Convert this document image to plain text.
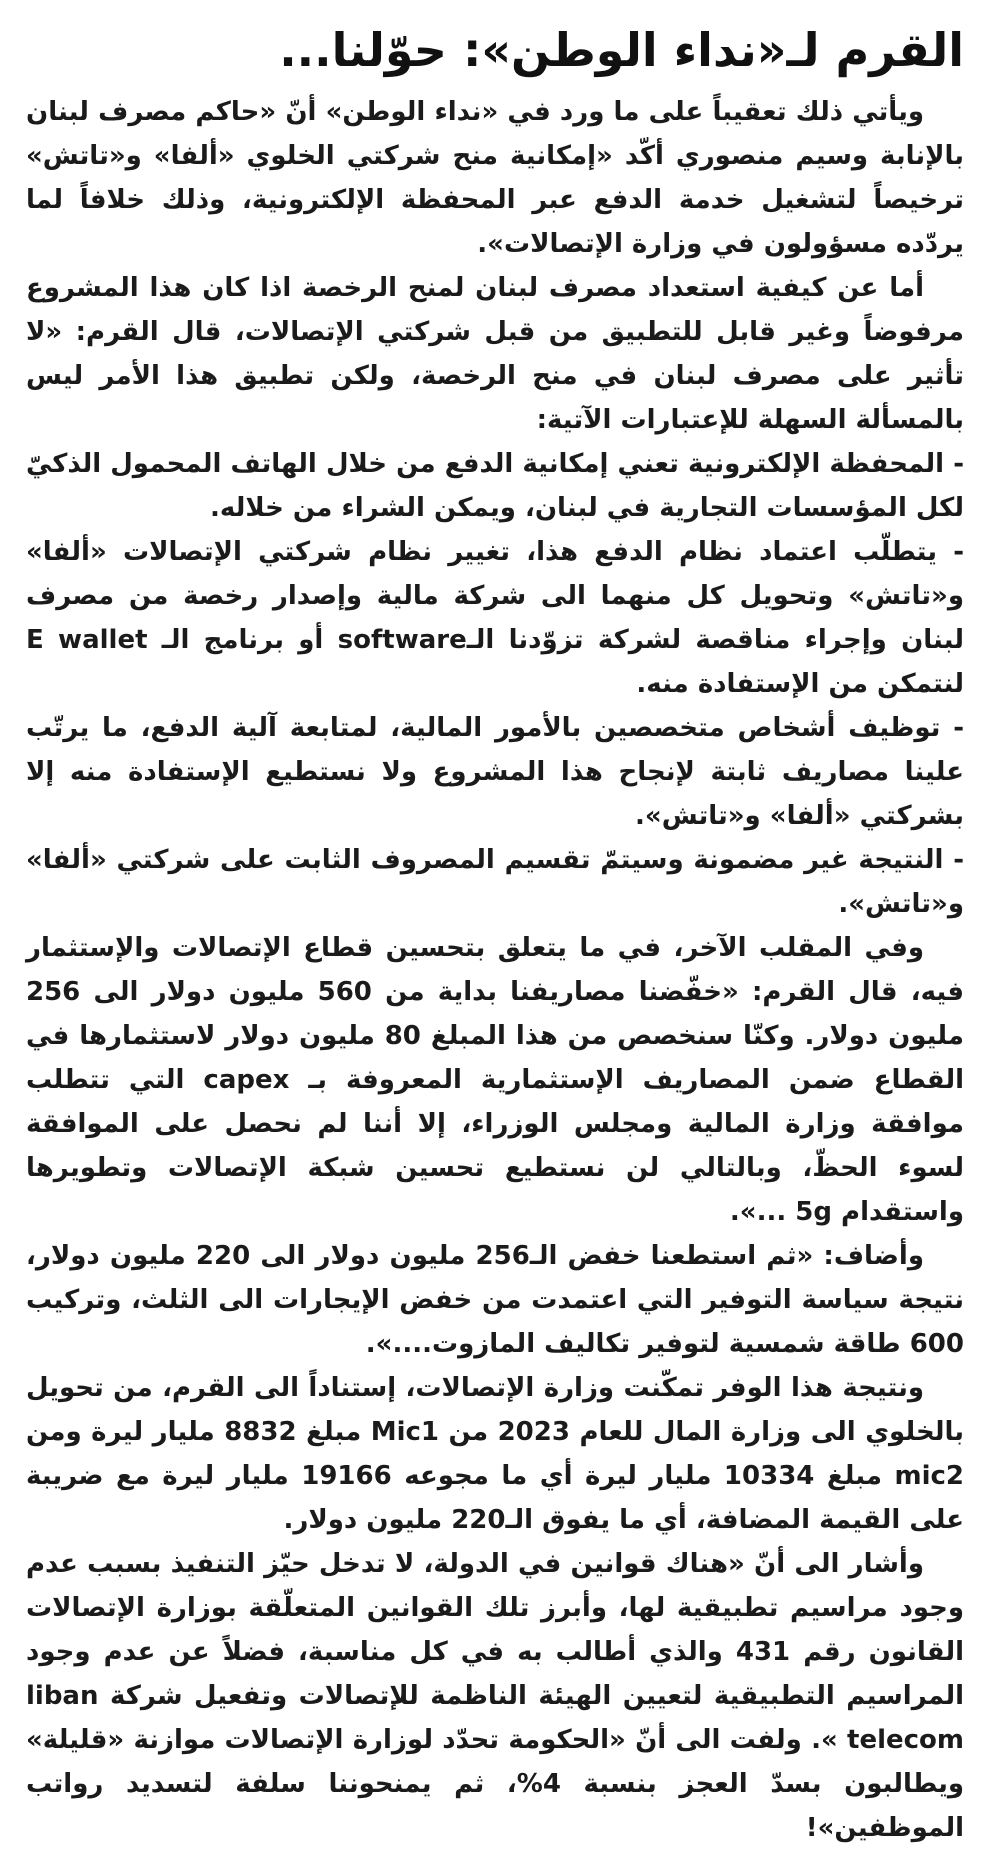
القرم لـ«نداء الوطن»: حوّلنا...

ويأتي ذلك تعقيباً على ما ورد في «نداء الوطن» أنّ «حاكم مصرف لبنان بالإنابة وسيم منصوري أكّد «إمكانية منح شركتي الخلوي «ألفا» و«تاتش» ترخيصاً لتشغيل خدمة الدفع عبر المحفظة الإلكترونية، وذلك خلافاً لما يردّده مسؤولون في وزارة الإتصالات».

أما عن كيفية استعداد مصرف لبنان لمنح الرخصة اذا كان هذا المشروع مرفوضاً وغير قابل للتطبيق من قبل شركتي الإتصالات، قال القرم: «لا تأثير على مصرف لبنان في منح الرخصة، ولكن تطبيق هذا الأمر ليس بالمسألة السهلة للإعتبارات الآتية:

- المحفظة الإلكترونية تعني إمكانية الدفع من خلال الهاتف المحمول الذكيّ لكل المؤسسات التجارية في لبنان، ويمكن الشراء من خلاله.

- يتطلّب اعتماد نظام الدفع هذا، تغيير نظام شركتي الإتصالات «ألفا» و«تاتش» وتحويل كل منهما الى شركة مالية وإصدار رخصة من مصرف لبنان وإجراء مناقصة لشركة تزوّدنا الـsoftware أو برنامج الـ E wallet لنتمكن من الإستفادة منه.

- توظيف أشخاص متخصصين بالأمور المالية، لمتابعة آلية الدفع، ما يرتّب علينا مصاريف ثابتة لإنجاح هذا المشروع ولا نستطيع الإستفادة منه إلا بشركتي «ألفا» و«تاتش».

- النتيجة غير مضمونة وسيتمّ تقسيم المصروف الثابت على شركتي «ألفا» و«تاتش».

وفي المقلب الآخر، في ما يتعلق بتحسين قطاع الإتصالات والإستثمار فيه، قال القرم: «خفّضنا مصاريفنا بداية من 560 مليون دولار الى 256 مليون دولار. وكنّا سنخصص من هذا المبلغ 80 مليون دولار لاستثمارها في القطاع ضمن المصاريف الإستثمارية المعروفة بـ capex التي تتطلب موافقة وزارة المالية ومجلس الوزراء، إلا أننا لم نحصل على الموافقة لسوء الحظّ، وبالتالي لن نستطيع تحسين شبكة الإتصالات وتطويرها واستقدام 5g ...».

وأضاف: «ثم استطعنا خفض الـ256 مليون دولار الى 220 مليون دولار، نتيجة سياسة التوفير التي اعتمدت من خفض الإيجارات الى الثلث، وتركيب 600 طاقة شمسية لتوفير تكاليف المازوت....».

ونتيجة هذا الوفر تمكّنت وزارة الإتصالات، إستناداً الى القرم، من تحويل بالخلوي الى وزارة المال للعام 2023 من Mic1 مبلغ 8832 مليار ليرة ومن mic2 مبلغ 10334 مليار ليرة أي ما مجوعه 19166 مليار ليرة مع ضريبة على القيمة المضافة، أي ما يفوق الـ220 مليون دولار.

وأشار الى أنّ «هناك قوانين في الدولة، لا تدخل حيّز التنفيذ بسبب عدم وجود مراسيم تطبيقية لها، وأبرز تلك القوانين المتعلّقة بوزارة الإتصالات القانون رقم 431 والذي أطالب به في كل مناسبة، فضلاً عن عدم وجود المراسيم التطبيقية لتعيين الهيئة الناظمة للإتصالات وتفعيل شركة liban telecom ». ولفت الى أنّ «الحكومة تحدّد لوزارة الإتصالات موازنة «قليلة» ويطالبون بسدّ العجز بنسبة 4%، ثم يمنحوننا سلفة لتسديد رواتب الموظفين»!
